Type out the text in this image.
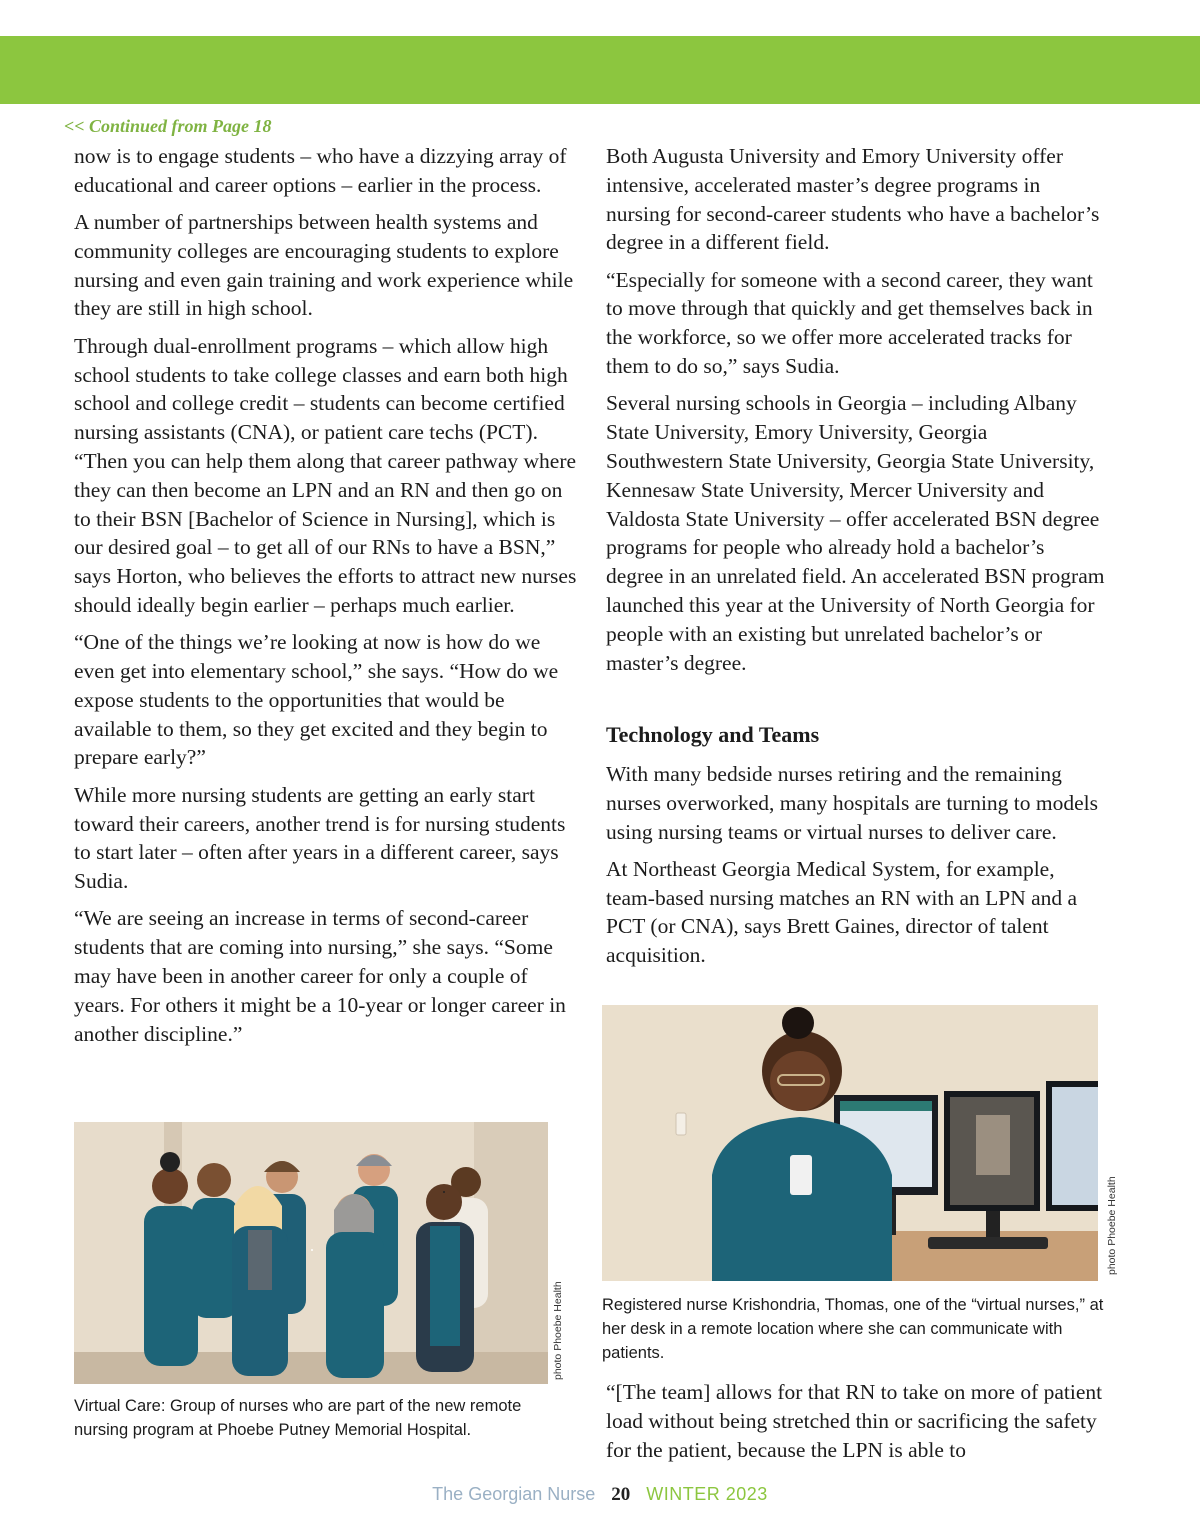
<< Continued from Page 18

now is to engage students – who have a dizzying array of educational and career options – earlier in the process.

A number of partnerships between health systems and community colleges are encouraging students to explore nursing and even gain training and work experience while they are still in high school.

Through dual-enrollment programs – which allow high school students to take college classes and earn both high school and college credit – students can become certified nursing assistants (CNA), or patient care techs (PCT). “Then you can help them along that career pathway where they can then become an LPN and an RN and then go on to their BSN [Bachelor of Science in Nursing], which is our desired goal – to get all of our RNs to have a BSN,” says Horton, who believes the efforts to attract new nurses should ideally begin earlier – perhaps much earlier.

“One of the things we’re looking at now is how do we even get into elementary school,” she says. “How do we expose students to the opportunities that would be available to them, so they get excited and they begin to prepare early?”

While more nursing students are getting an early start toward their careers, another trend is for nursing students to start later – often after years in a different career, says Sudia.

“We are seeing an increase in terms of second-career students that are coming into nursing,” she says. “Some may have been in another career for only a couple of years. For others it might be a 10-year or longer career in another discipline.”

Both Augusta University and Emory University offer intensive, accelerated master’s degree programs in nursing for second-career students who have a bachelor’s degree in a different field.

“Especially for someone with a second career, they want to move through that quickly and get themselves back in the workforce, so we offer more accelerated tracks for them to do so,” says Sudia.

Several nursing schools in Georgia – including Albany State University, Emory University, Georgia Southwestern State University, Georgia State University, Kennesaw State University, Mercer University and Valdosta State University – offer accelerated BSN degree programs for people who already hold a bachelor’s degree in an unrelated field. An accelerated BSN program launched this year at the University of North Georgia for people with an existing but unrelated bachelor’s or master’s degree.

Technology and Teams

With many bedside nurses retiring and the remaining nurses overworked, many hospitals are turning to models using nursing teams or virtual nurses to deliver care.

At Northeast Georgia Medical System, for example, team-based nursing matches an RN with an LPN and a PCT (or CNA), says Brett Gaines, director of talent acquisition.

photo Phoebe Health
Virtual Care: Group of nurses who are part of the new remote nursing program at Phoebe Putney Memorial Hospital.
photo Phoebe Health
Registered nurse Krishondria, Thomas, one of the “virtual nurses,” at her desk in a remote location where she can communicate with patients.

“[The team] allows for that RN to take on more of patient load without being stretched thin or sacrificing the safety for the patient, because the LPN is able to

The Georgian Nurse 20 WINTER 2023
